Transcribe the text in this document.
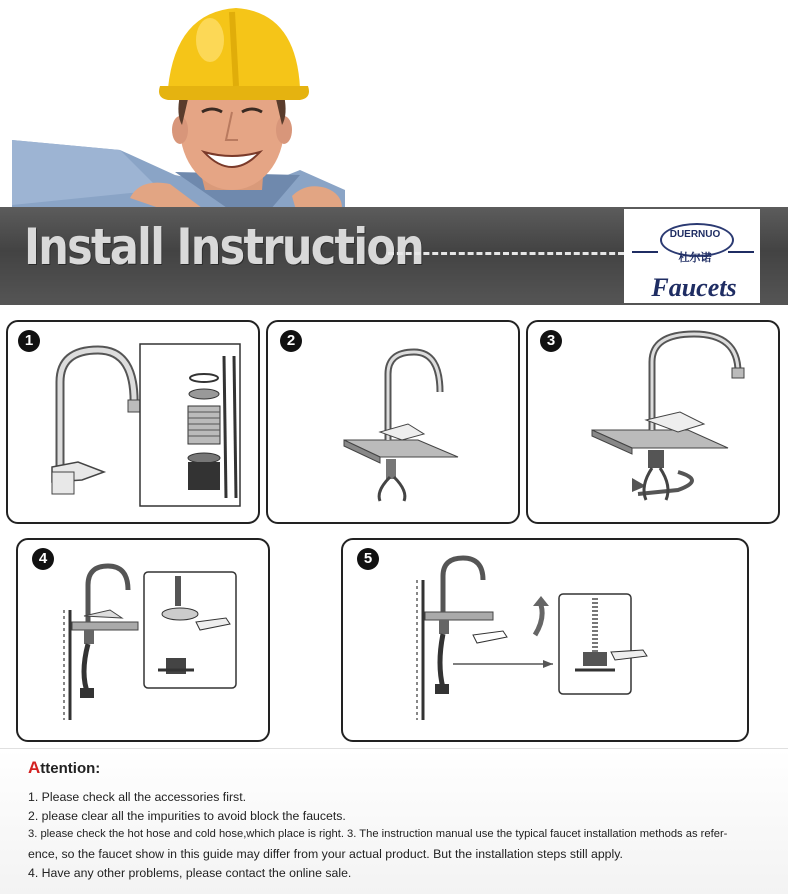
Install Instruction	DUERNUO
杜尔诺
Faucets
1	2	3
4	5
Attention:
1. Please check all the accessories first.
2. please clear all the impurities to avoid block the faucets.
3. please check the hot hose and cold hose,which place is right. 3. The instruction manual use the typical faucet installation methods as refer-
ence, so the faucet show in this guide may differ from your actual product. But the installation steps still apply.
4. Have any other problems, please contact the online sale.
